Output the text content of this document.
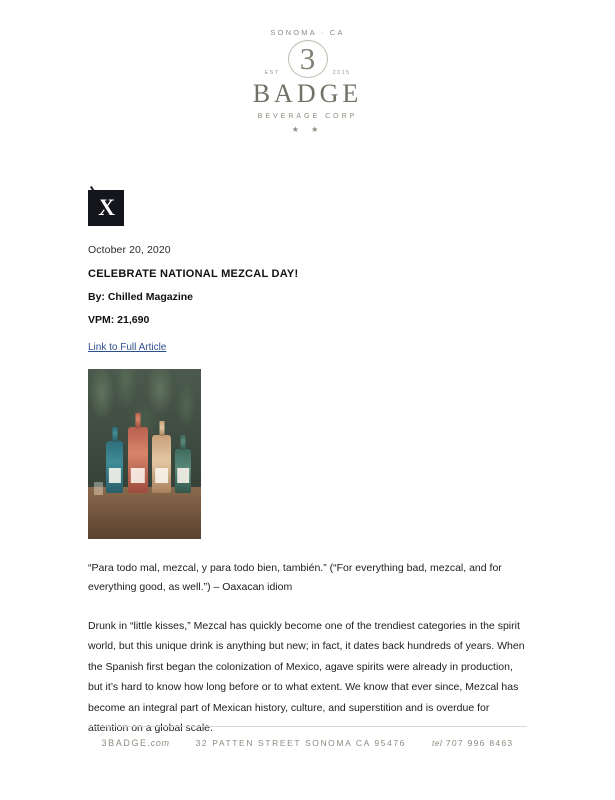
SONOMA · CA
3
EST	2015
BADGE
BEVERAGE CORP
★ ★
X
October 20, 2020
CELEBRATE NATIONAL MEZCAL DAY!
By: Chilled Magazine
VPM: 21,690
Link to Full Article
“Para todo mal, mezcal, y para todo bien, también.” (“For everything bad, mezcal, and for everything good, as well.”) – Oaxacan idiom
Drunk in “little kisses,” Mezcal has quickly become one of the trendiest categories in the spirit world, but this unique drink is anything but new; in fact, it dates back hundreds of years. When the Spanish first began the colonization of Mexico, agave spirits were already in production, but it’s hard to know how long before or to what extent. We know that ever since, Mezcal has become an integral part of Mexican history, culture, and superstition and is overdue for attention on a global scale.
3BADGE.com	32 PATTEN STREET SONOMA CA 95476	tel 707 996 8463
